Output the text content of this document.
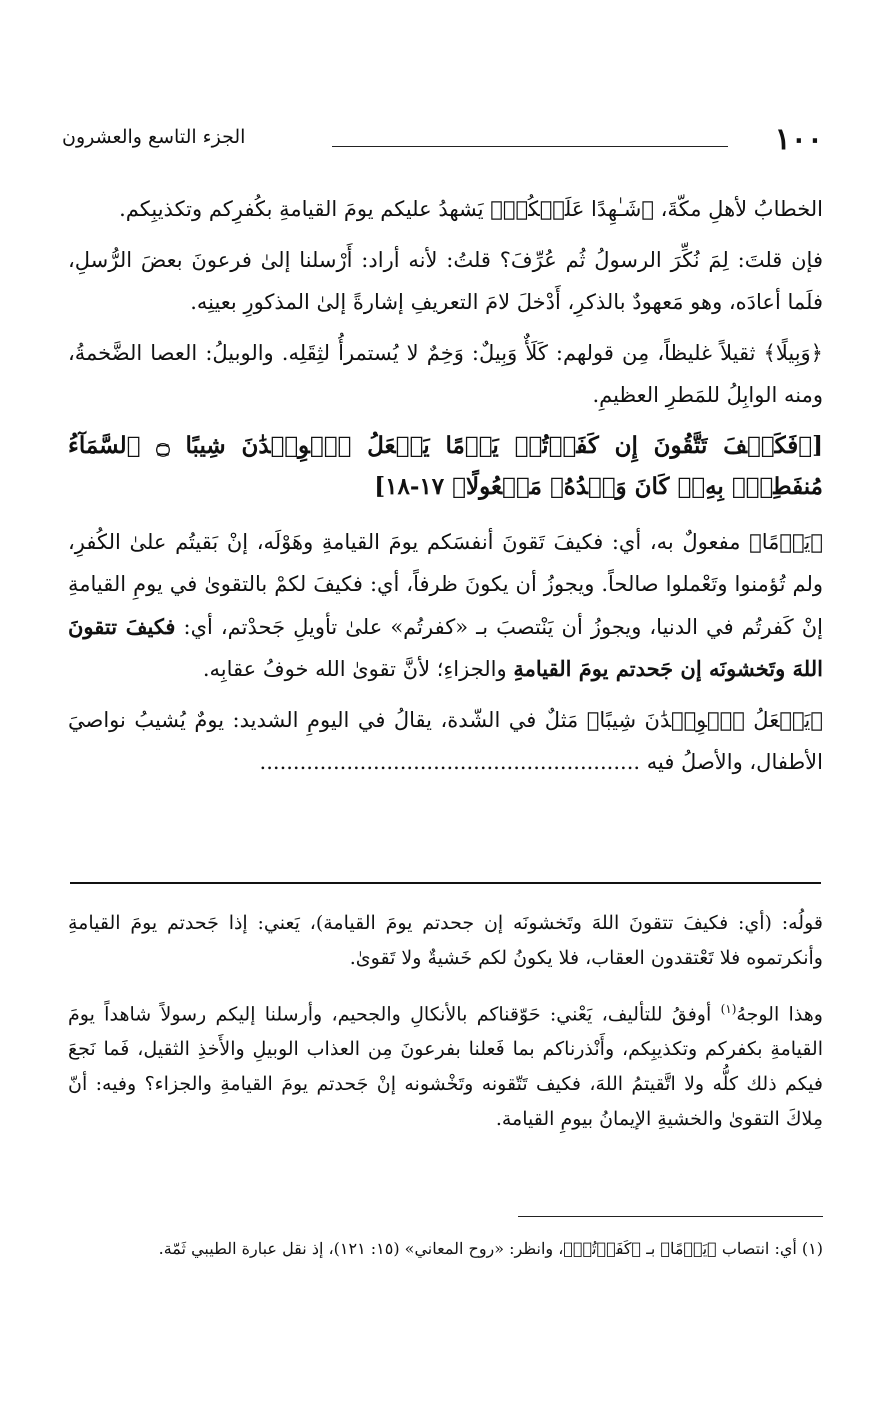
١٠٠
الجزء التاسع والعشرون

الخطابُ لأهلِ مكّةَ، ﴿شَـٰهِدًا عَلَيۡكُمۡ﴾ يَشهدُ عليكم يومَ القيامةِ بكُفرِكم وتكذيبِكم.

فإن قلتَ: لِمَ نُكِّرَ الرسولُ ثُم عُرِّفَ؟ قلتُ: لأنه أراد: أَرْسلنا إلىٰ فرعونَ بعضَ الرُّسلِ، فلَما أعادَه، وهو مَعهودٌ بالذكرِ، أَدْخلَ لامَ التعريفِ إشارةً إلىٰ المذكورِ بعينِه.

﴿وَبِيلًا﴾ ثقيلاً غليظاً، مِن قولهم: كَلَأٌ وَبِيلٌ: وَخِمٌ لا يُستمرأُ لثِقَلِه. والوبيلُ: العصا الضَّخمةُ، ومنه الوابِلُ للمَطرِ العظيمِ.

[﴿فَكَيۡفَ تَتَّقُونَ إِن كَفَرۡتُمۡ يَوۡمًا يَجۡعَلُ ٱلۡوِلۡدَٰنَ شِيبًا ۝ ٱلسَّمَآءُ مُنفَطِرُۢ بِهِۦۚ كَانَ وَعۡدُهُۥ مَفۡعُولًا﴾ ١٧-١٨]

﴿يَوۡمًا﴾ مفعولٌ به، أي: فكيفَ تَقونَ أنفسَكم يومَ القيامةِ وهَوْلَه، إنْ بَقيتُم علىٰ الكُفرِ، ولم تُؤمنوا وتَعْملوا صالحاً. ويجوزُ أن يكونَ ظرفاً، أي: فكيفَ لكمْ بالتقوىٰ في يومِ القيامةِ إنْ كَفرتُم في الدنيا، ويجوزُ أن يَنْتصبَ بـ «كفرتُم» علىٰ تأويلِ جَحدْتم، أي: فكيفَ تتقونَ اللهَ وتَخشونَه إن جَحدتم يومَ القيامةِ والجزاءِ؛ لأنَّ تقوىٰ الله خوفُ عقابِه.

﴿يَجۡعَلُ ٱلۡوِلۡدَٰنَ شِيبًا﴾ مَثلٌ في الشّدة، يقالُ في اليومِ الشديد: يومٌ يُشيبُ نواصيَ الأطفال، والأصلُ فيه .........................................................

قولُه: (أي: فكيفَ تتقونَ اللهَ وتَخشونَه إن جحدتم يومَ القيامة)، يَعني: إذا جَحدتم يومَ القيامةِ وأنكرتموه فلا تَعْتقدون العقاب، فلا يكونُ لكم خَشيةٌ ولا تَقوىٰ.

وهذا الوجهُ$^{(١)}$ أوفقُ للتأليف، يَعْني: حَوّقناكم بالأنكالِ والجحيم، وأرسلنا إليكم رسولاً شاهداً يومَ القيامةِ بكفركم وتكذيبِكم، وأَنْذرناكم بما فَعلنا بفرعونَ مِن العذاب الوبيلِ والأَخذِ الثقيل، فَما نَجعَ فيكم ذلك كلُّه ولا اتَّقيتمُ اللهَ، فكيف تَتّقونه وتَخْشونه إنْ جَحدتم يومَ القيامةِ والجزاء؟ وفيه: أنّ مِلاكَ التقوىٰ والخشيةِ الإيمانُ بيومِ القيامة.

(١) أي: انتصاب ﴿يَوۡمًا﴾ بـ ﴿كَفَرۡتُمۡ﴾، وانظر: «روح المعاني» (١٥: ١٢١)، إذ نقل عبارة الطيبي ثَمّة.
